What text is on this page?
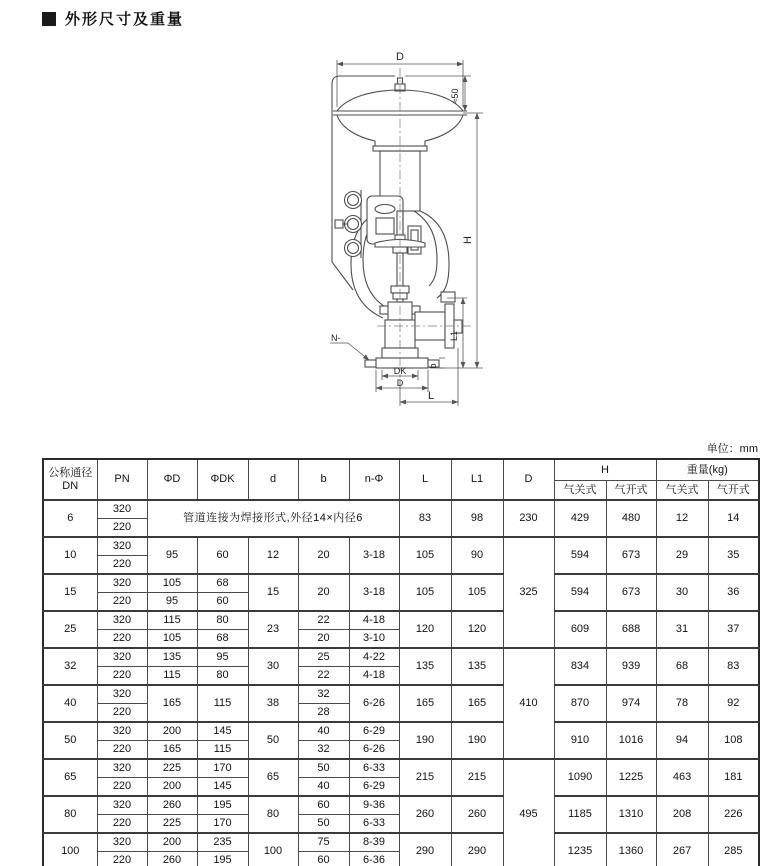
外形尺寸及重量
D
≈50
H
L1
N-
b
DK
D
L
单位：mm
公称通径
DN	PN	ΦD	ΦDK	d	b	n-Φ	L	L1	D	H		重量(kg)	
										气关式	气开式	气关式	气开式
6	320	管道连接为焊接形式,外径14×内径6					83	98	230	429	480	12	14
	220												
10	320	95	60	12	20	3-18	105	90	325	594	673	29	35
	220												
15	320	105	68	15	20	3-18	105	105		594	673	30	36
	220	95	60										
25	320	115	80	23	22	4-18	120	120		609	688	31	37
	220	105	68		20	3-10							
32	320	135	95	30	25	4-22	135	135	410	834	939	68	83
	220	115	80		22	4-18							
40	320	165	115	38	32	6-26	165	165		870	974	78	92
	220				28								
50	320	200	145	50	40	6-29	190	190		910	1016	94	108
	220	165	115		32	6-26							
65	320	225	170	65	50	6-33	215	215	495	1090	1225	463	181
	220	200	145		40	6-29							
80	320	260	195	80	60	9-36	260	260		1185	1310	208	226
	220	225	170		50	6-33							
100	320	200	235	100	75	8-39	290	290		1235	1360	267	285
	220	260	195		60	6-36							
